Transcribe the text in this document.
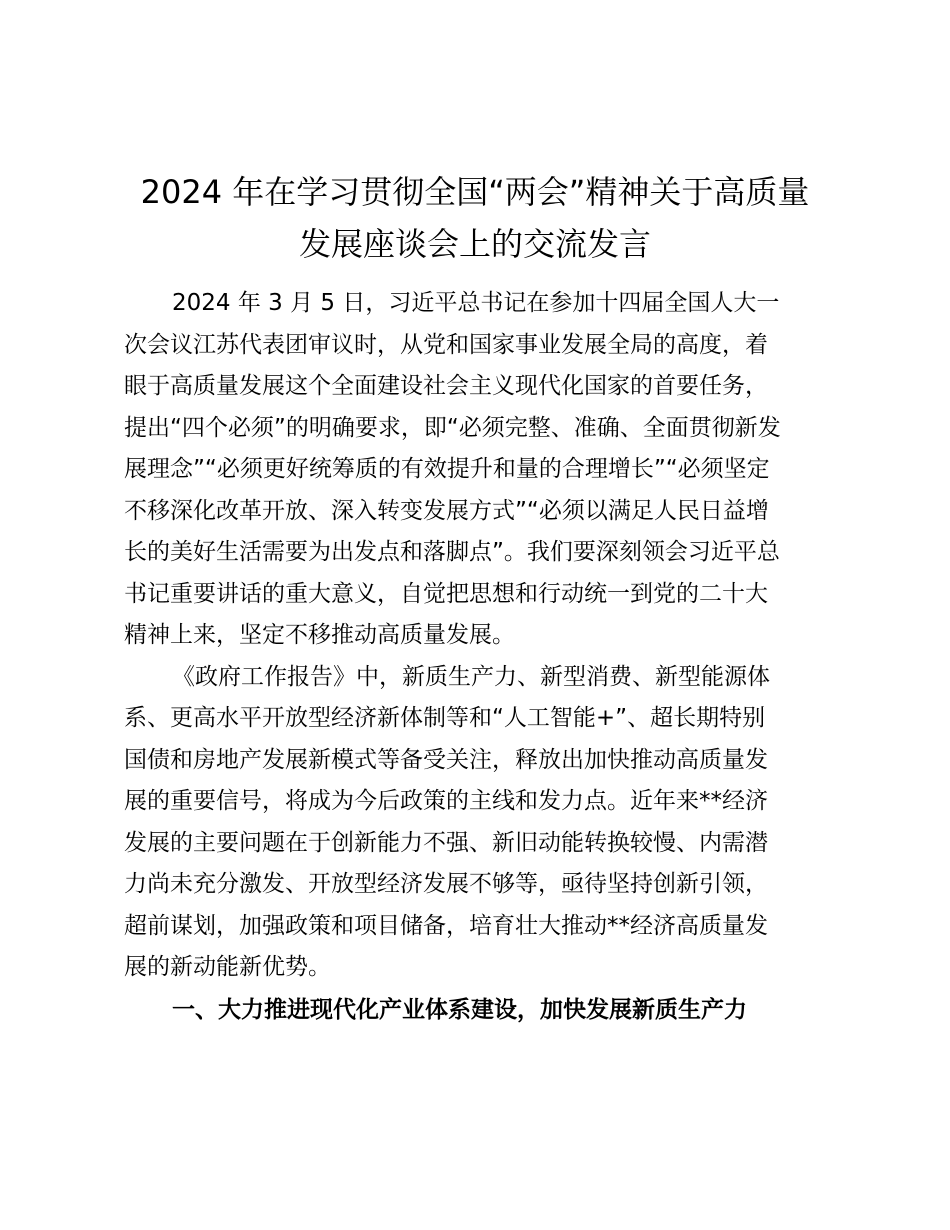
2024 年在学习贯彻全国“两会”精神关于高质量
发展座谈会上的交流发言

2024 年 3 月 5 日，习近平总书记在参加十四届全国人大一
次会议江苏代表团审议时，从党和国家事业发展全局的高度，着
眼于高质量发展这个全面建设社会主义现代化国家的首要任务，
提出“四个必须”的明确要求，即“必须完整、准确、全面贯彻新发
展理念”“必须更好统筹质的有效提升和量的合理增长”“必须坚定
不移深化改革开放、深入转变发展方式”“必须以满足人民日益增
长的美好生活需要为出发点和落脚点”。我们要深刻领会习近平总
书记重要讲话的重大意义，自觉把思想和行动统一到党的二十大
精神上来，坚定不移推动高质量发展。

《政府工作报告》中，新质生产力、新型消费、新型能源体
系、更高水平开放型经济新体制等和“人工智能+”、超长期特别
国债和房地产发展新模式等备受关注，释放出加快推动高质量发
展的重要信号，将成为今后政策的主线和发力点。近年来**经济
发展的主要问题在于创新能力不强、新旧动能转换较慢、内需潜
力尚未充分激发、开放型经济发展不够等，亟待坚持创新引领，
超前谋划，加强政策和项目储备，培育壮大推动**经济高质量发
展的新动能新优势。

一、大力推进现代化产业体系建设，加快发展新质生产力
